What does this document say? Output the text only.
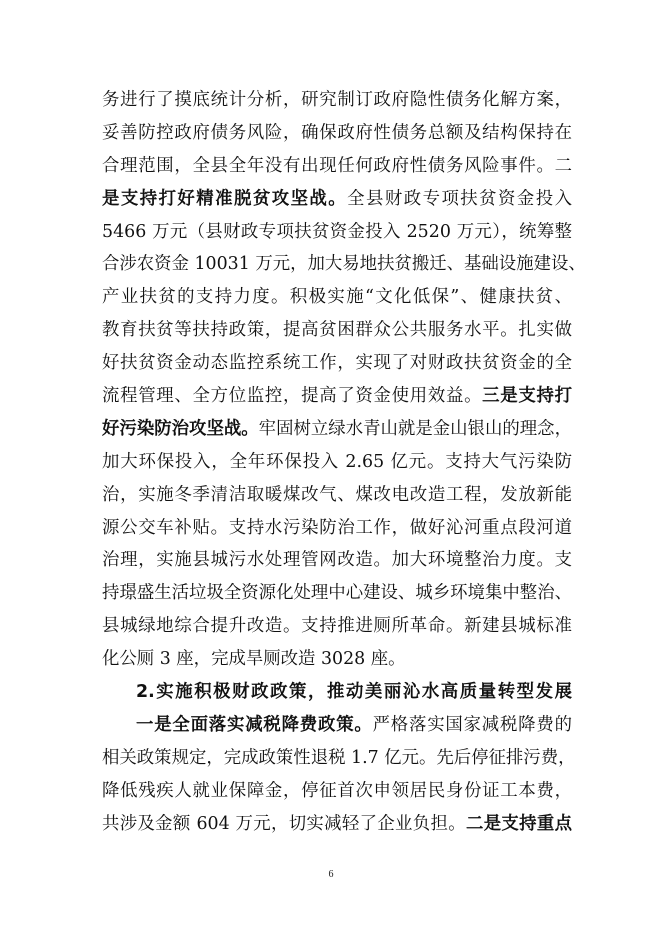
务进行了摸底统计分析，研究制订政府隐性债务化解方案，
妥善防控政府债务风险，确保政府性债务总额及结构保持在
合理范围，全县全年没有出现任何政府性债务风险事件。二
是支持打好精准脱贫攻坚战。全县财政专项扶贫资金投入
5466 万元（县财政专项扶贫资金投入 2520 万元），统筹整
合涉农资金 10031 万元，加大易地扶贫搬迁、基础设施建设、
产业扶贫的支持力度。积极实施“文化低保”、健康扶贫、
教育扶贫等扶持政策，提高贫困群众公共服务水平。扎实做
好扶贫资金动态监控系统工作，实现了对财政扶贫资金的全
流程管理、全方位监控，提高了资金使用效益。三是支持打
好污染防治攻坚战。牢固树立绿水青山就是金山银山的理念，
加大环保投入，全年环保投入 2.65 亿元。支持大气污染防
治，实施冬季清洁取暖煤改气、煤改电改造工程，发放新能
源公交车补贴。支持水污染防治工作，做好沁河重点段河道
治理，实施县城污水处理管网改造。加大环境整治力度。支
持璟盛生活垃圾全资源化处理中心建设、城乡环境集中整治、
县城绿地综合提升改造。支持推进厕所革命。新建县城标准
化公厕 3 座，完成旱厕改造 3028 座。
2.实施积极财政政策，推动美丽沁水高质量转型发展
一是全面落实减税降费政策。严格落实国家减税降费的
相关政策规定，完成政策性退税 1.7 亿元。先后停征排污费，
降低残疾人就业保障金，停征首次申领居民身份证工本费，
共涉及金额 604 万元，切实减轻了企业负担。二是支持重点
6
